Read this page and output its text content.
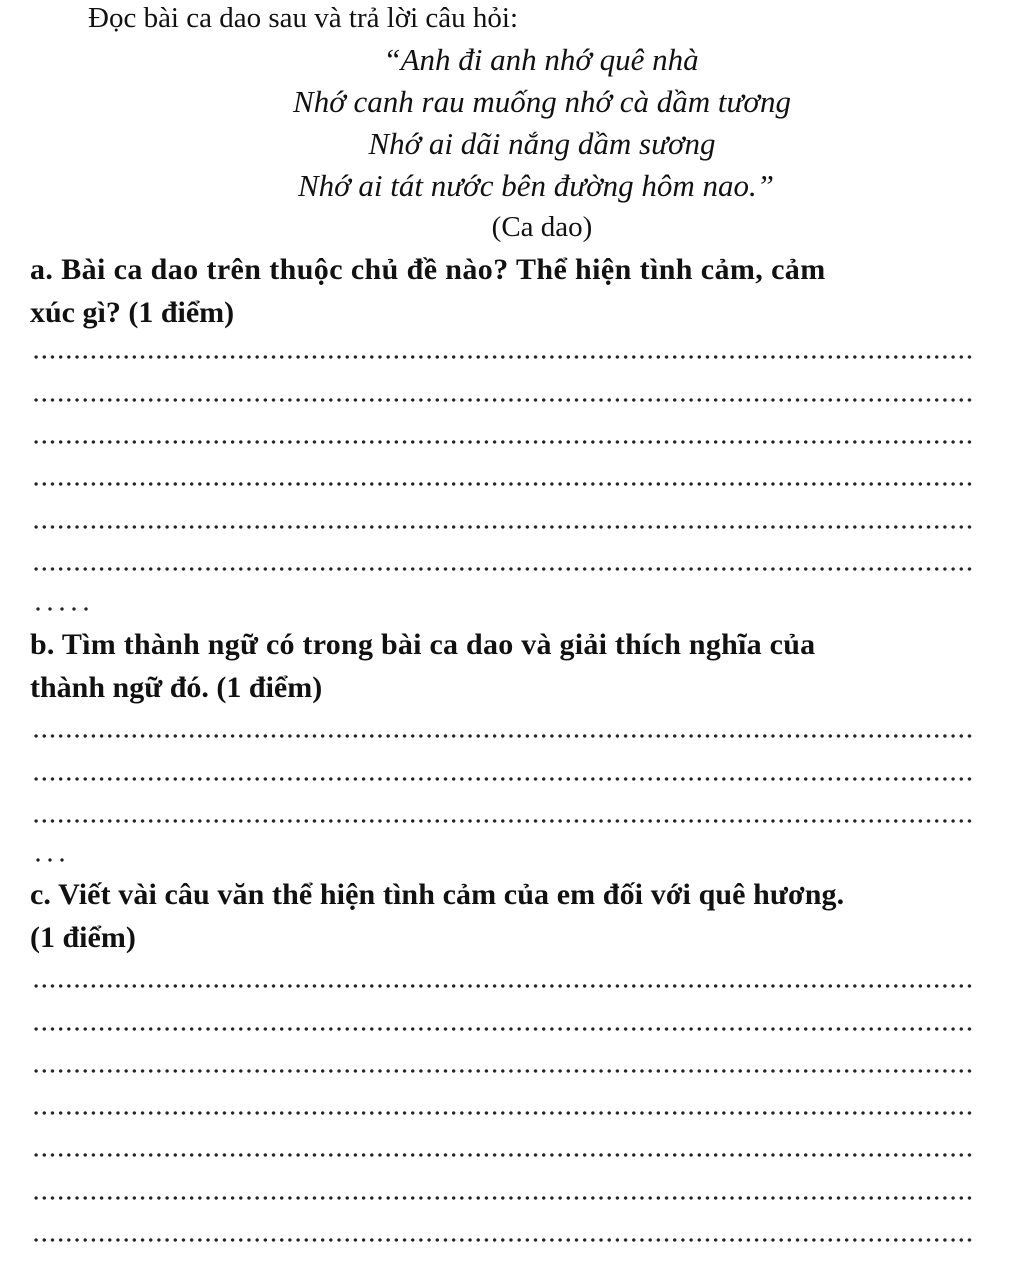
Đọc bài ca dao sau và trả lời câu hỏi:
“Anh đi anh nhớ quê nhà
Nhớ canh rau muống nhớ cà dầm tương
Nhớ ai dãi nắng dầm sương
Nhớ ai tát nước bên đường hôm nao.”
(Ca dao)
a. Bài ca dao trên thuộc chủ đề nào? Thể hiện tình cảm, cảm
xúc gì? (1 điểm)
b. Tìm thành ngữ có trong bài ca dao và giải thích nghĩa của
thành ngữ đó. (1 điểm)
c. Viết vài câu văn thể hiện tình cảm của em đối với quê hương.
(1 điểm)
